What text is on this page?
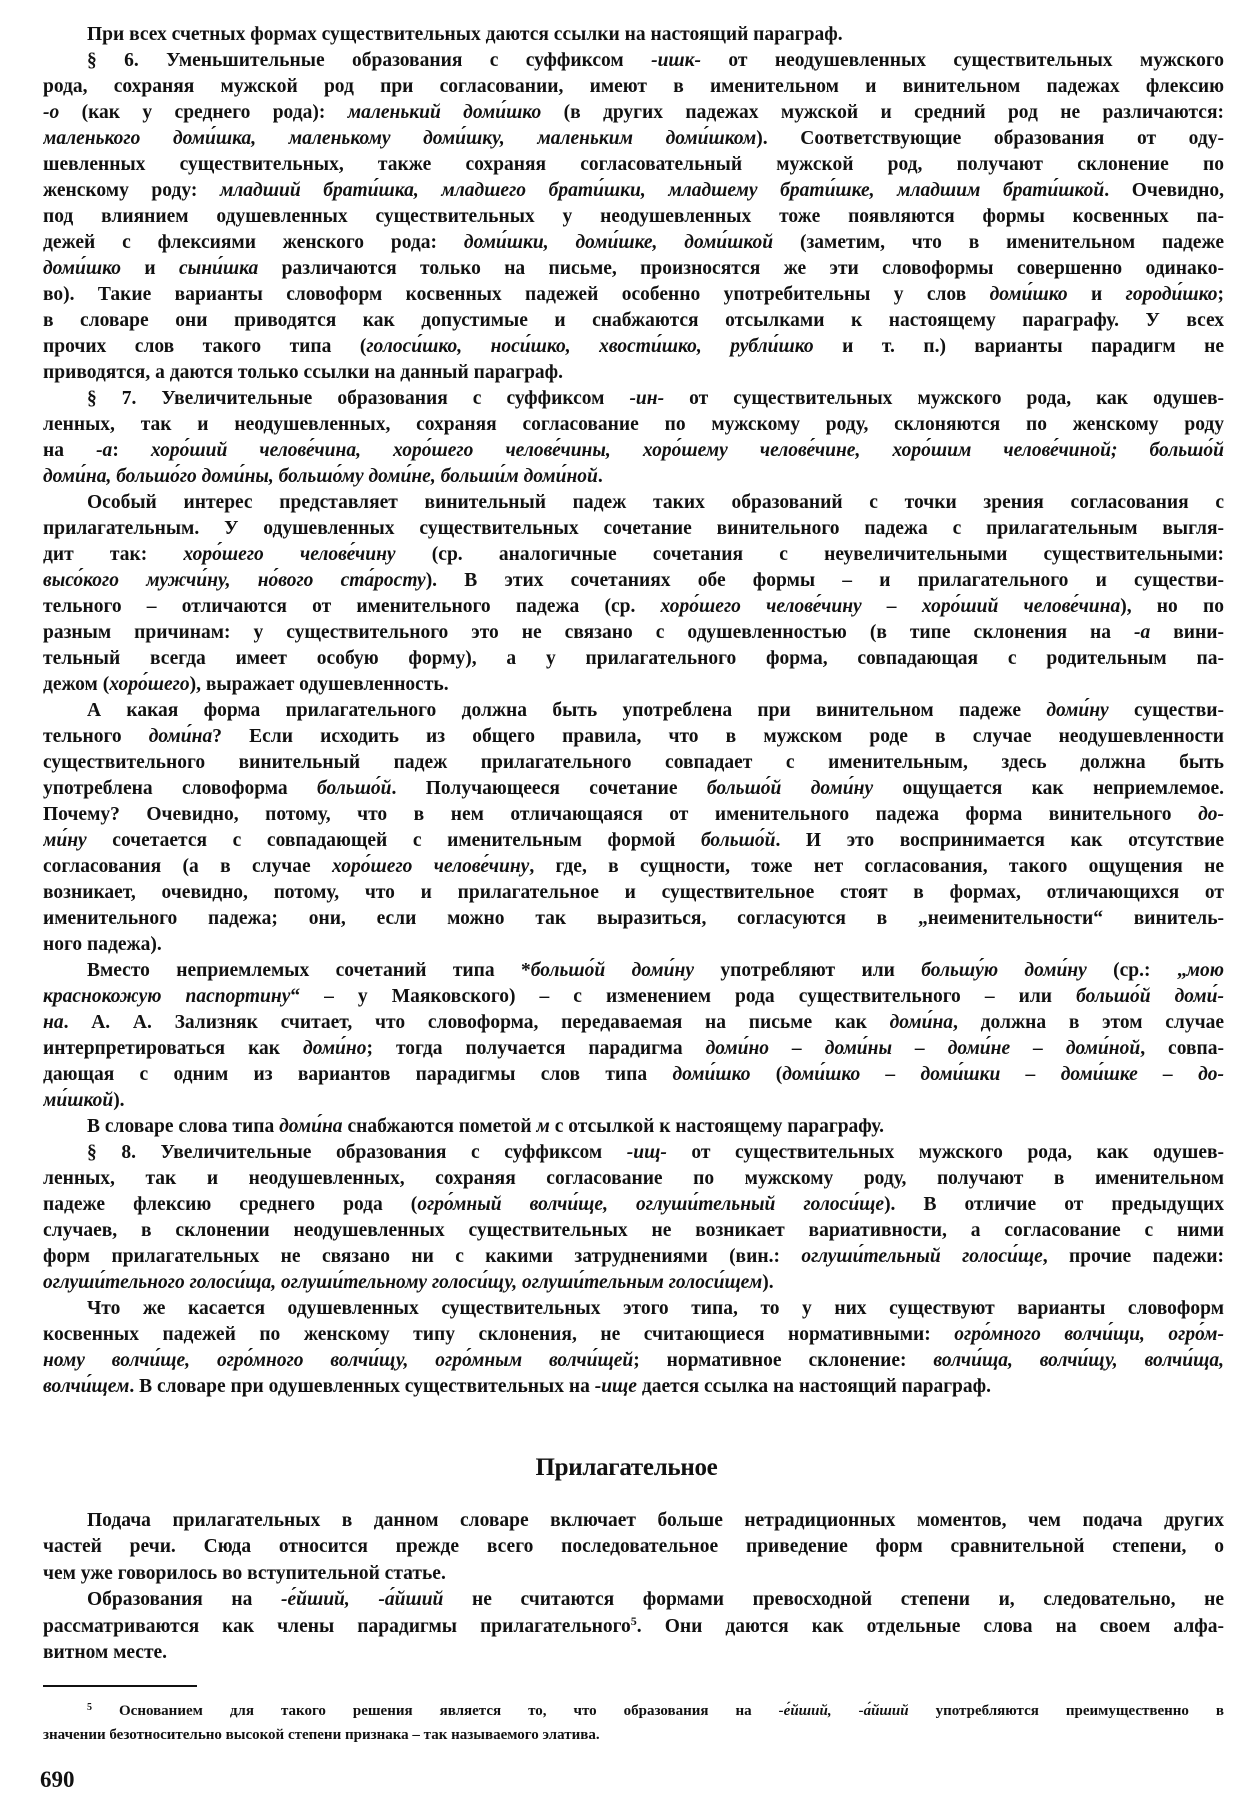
При всех счетных формах существительных даются ссылки на настоящий параграф.
§ 6. Уменьшительные образования с суффиксом -ишк- от неодушевленных существительных мужского
рода, сохраняя мужской род при согласовании, имеют в именительном и винительном падежах флексию
-о (как у среднего рода): маленький доми́шко (в других падежах мужской и средний род не различаются:
маленького доми́шка, маленькому доми́шку, маленьким доми́шком). Соответствующие образования от оду-
шевленных существительных, также сохраняя согласовательный мужской род, получают склонение по
женскому роду: младший брати́шка, младшего брати́шки, младшему брати́шке, младшим брати́шкой. Очевидно,
под влиянием одушевленных существительных у неодушевленных тоже появляются формы косвенных па-
дежей с флексиями женского рода: доми́шки, доми́шке, доми́шкой (заметим, что в именительном падеже
доми́шко и сыни́шка различаются только на письме, произносятся же эти словоформы совершенно одинако-
во). Такие варианты словоформ косвенных падежей особенно употребительны у слов доми́шко и городи́шко;
в словаре они приводятся как допустимые и снабжаются отсылками к настоящему параграфу. У всех
прочих слов такого типа (голоси́шко, носи́шко, хвости́шко, рубли́шко и т. п.) варианты парадигм не
приводятся, а даются только ссылки на данный параграф.
§ 7. Увеличительные образования с суффиксом -ин- от существительных мужского рода, как одушев-
ленных, так и неодушевленных, сохраняя согласование по мужскому роду, склоняются по женскому роду
на -а: хоро́ший челове́чина, хоро́шего челове́чины, хоро́шему челове́чине, хоро́шим челове́чиной; большо́й
доми́на, большо́го доми́ны, большо́му доми́не, больши́м доми́ной.
Особый интерес представляет винительный падеж таких образований с точки зрения согласования с
прилагательным. У одушевленных существительных сочетание винительного падежа с прилагательным выгля-
дит так: хоро́шего челове́чину (ср. аналогичные сочетания с неувеличительными существительными:
высо́кого мужчи́ну, но́вого ста́росту). В этих сочетаниях обе формы – и прилагательного и существи-
тельного – отличаются от именительного падежа (ср. хоро́шего челове́чину – хоро́ший челове́чина), но по
разным причинам: у существительного это не связано с одушевленностью (в типе склонения на -а вини-
тельный всегда имеет особую форму), а у прилагательного форма, совпадающая с родительным па-
дежом (хоро́шего), выражает одушевленность.
А какая форма прилагательного должна быть употреблена при винительном падеже доми́ну существи-
тельного доми́на? Если исходить из общего правила, что в мужском роде в случае неодушевленности
существительного винительный падеж прилагательного совпадает с именительным, здесь должна быть
употреблена словоформа большо́й. Получающееся сочетание большо́й доми́ну ощущается как неприемлемое.
Почему? Очевидно, потому, что в нем отличающаяся от именительного падежа форма винительного до-
ми́ну сочетается с совпадающей с именительным формой большо́й. И это воспринимается как отсутствие
согласования (а в случае хоро́шего челове́чину, где, в сущности, тоже нет согласования, такого ощущения не
возникает, очевидно, потому, что и прилагательное и существительное стоят в формах, отличающихся от
именительного падежа; они, если можно так выразиться, согласуются в „неименительности“ винитель-
ного падежа).
Вместо неприемлемых сочетаний типа *большо́й доми́ну употребляют или большу́ю доми́ну (ср.: „мою
краснокожую паспортину“ – у Маяковского) – с изменением рода существительного – или большо́й доми́-
на. А. А. Зализняк считает, что словоформа, передаваемая на письме как доми́на, должна в этом случае
интерпретироваться как доми́но; тогда получается парадигма доми́но – доми́ны – доми́не – доми́ной, совпа-
дающая с одним из вариантов парадигмы слов типа доми́шко (доми́шко – доми́шки – доми́шке – до-
ми́шкой).
В словаре слова типа доми́на снабжаются пометой м с отсылкой к настоящему параграфу.
§ 8. Увеличительные образования с суффиксом -ищ- от существительных мужского рода, как одушев-
ленных, так и неодушевленных, сохраняя согласование по мужскому роду, получают в именительном
падеже флексию среднего рода (огро́мный волчи́ще, оглуши́тельный голоси́ще). В отличие от предыдущих
случаев, в склонении неодушевленных существительных не возникает вариативности, а согласование с ними
форм прилагательных не связано ни с какими затруднениями (вин.: оглуши́тельный голоси́ще, прочие падежи:
оглуши́тельного голоси́ща, оглуши́тельному голоси́щу, оглуши́тельным голоси́щем).
Что же касается одушевленных существительных этого типа, то у них существуют варианты словоформ
косвенных падежей по женскому типу склонения, не считающиеся нормативными: огро́много волчи́щи, огро́м-
ному волчи́ще, огро́много волчи́щу, огро́мным волчи́щей; нормативное склонение: волчи́ща, волчи́щу, волчи́ща,
волчи́щем. В словаре при одушевленных существительных на -ище дается ссылка на настоящий параграф.
Прилагательное
Подача прилагательных в данном словаре включает больше нетрадиционных моментов, чем подача других
частей речи. Сюда относится прежде всего последовательное приведение форм сравнительной степени, о
чем уже говорилось во вступительной статье.
Образования на -е́йший, -а́йший не считаются формами превосходной степени и, следовательно, не
рассматриваются как члены парадигмы прилагательного$^5$. Они даются как отдельные слова на своем алфа-
витном месте.
$^5$ Основанием для такого решения является то, что образования на -е́йший, -а́йший употребляются преимущественно в
значении безотносительно высокой степени признака – так называемого элатива.
690
